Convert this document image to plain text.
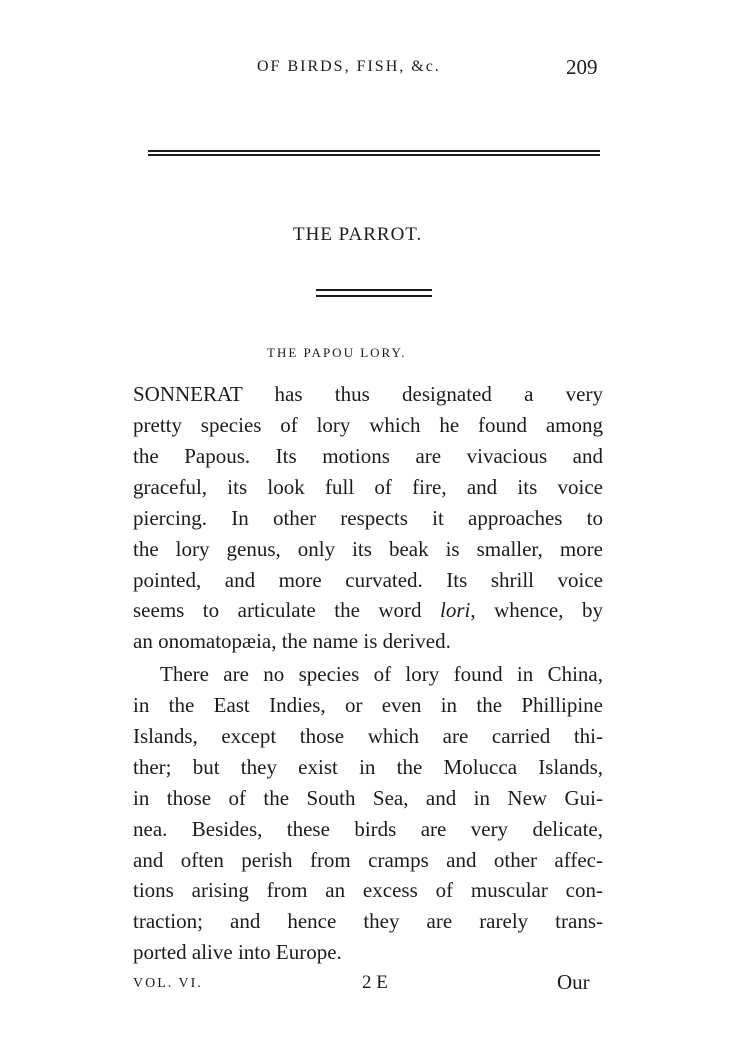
OF BIRDS, FISH, &c.	209
THE PARROT.
THE PAPOU LORY.
SONNERAT has thus designated a very
pretty species of lory which he found among
the Papous. Its motions are vivacious and
graceful, its look full of fire, and its voice
piercing. In other respects it approaches to
the lory genus, only its beak is smaller, more
pointed, and more curvated. Its shrill voice
seems to articulate the word lori, whence, by
an onomatopæia, the name is derived.
There are no species of lory found in China,
in the East Indies, or even in the Phillipine
Islands, except those which are carried thi-
ther; but they exist in the Molucca Islands,
in those of the South Sea, and in New Gui-
nea. Besides, these birds are very delicate,
and often perish from cramps and other affec-
tions arising from an excess of muscular con-
traction; and hence they are rarely trans-
ported alive into Europe.
VOL. VI.	2 E	Our
